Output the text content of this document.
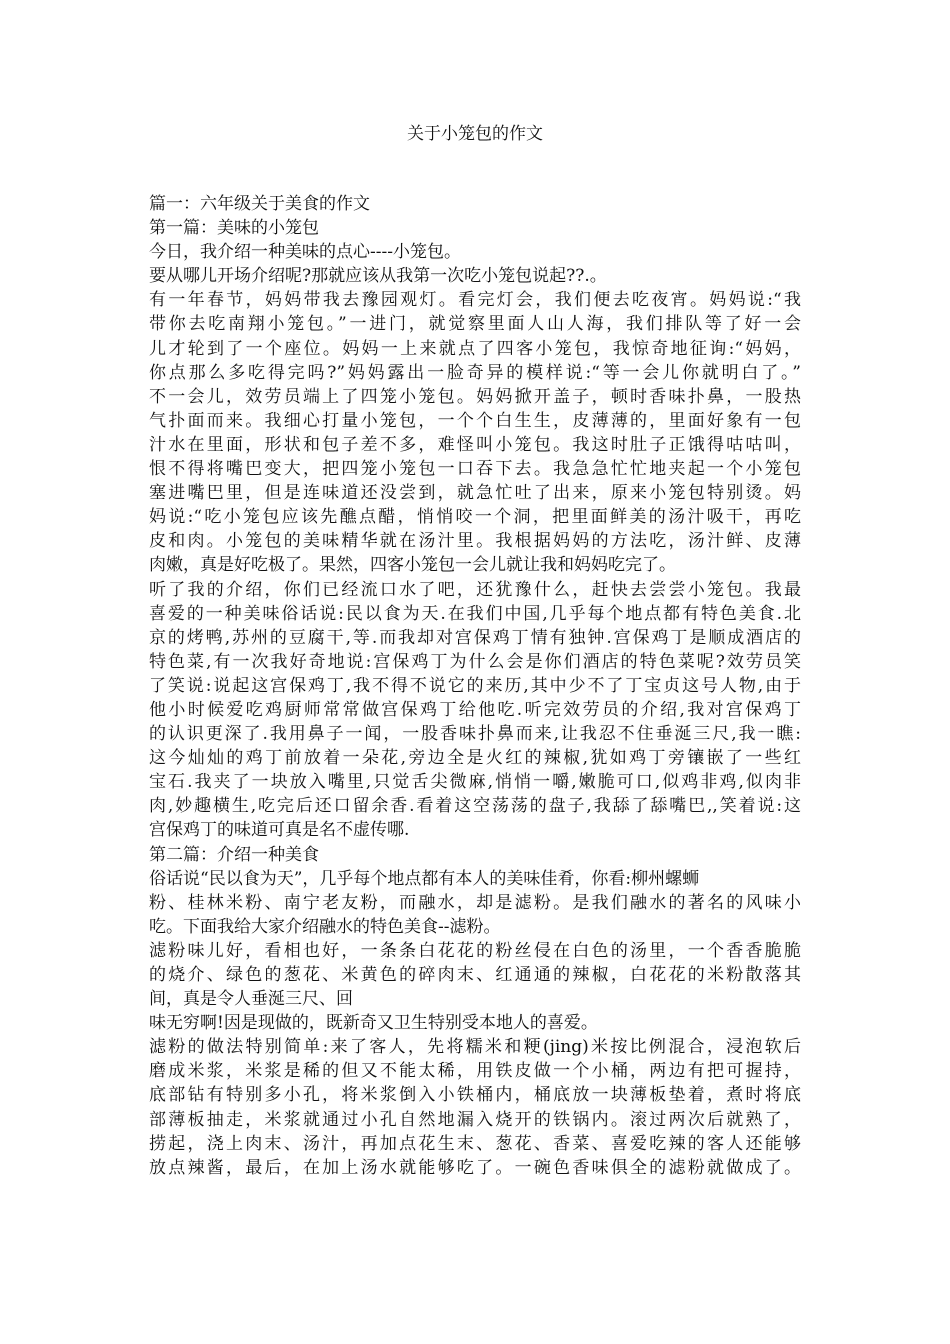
关于小笼包的作文

篇一：六年级关于美食的作文

第一篇：美味的小笼包

今日，我介绍一种美味的点心----小笼包。

要从哪儿开场介绍呢?那就应该从我第一次吃小笼包说起??.。

有一年春节，妈妈带我去豫园观灯。看完灯会，我们便去吃夜宵。妈妈说:“我

带你去吃南翔小笼包。”一进门，就觉察里面人山人海，我们排队等了好一会

儿才轮到了一个座位。妈妈一上来就点了四客小笼包，我惊奇地征询:“妈妈，

你点那么多吃得完吗?”妈妈露出一脸奇异的模样说:“等一会儿你就明白了。”

不一会儿，效劳员端上了四笼小笼包。妈妈掀开盖子，顿时香味扑鼻，一股热

气扑面而来。我细心打量小笼包，一个个白生生，皮薄薄的，里面好象有一包

汁水在里面，形状和包子差不多，难怪叫小笼包。我这时肚子正饿得咕咕叫，

恨不得将嘴巴变大，把四笼小笼包一口吞下去。我急急忙忙地夹起一个小笼包

塞进嘴巴里，但是连味道还没尝到，就急忙吐了出来，原来小笼包特别烫。妈

妈说:“吃小笼包应该先醮点醋，悄悄咬一个洞，把里面鲜美的汤汁吸干，再吃

皮和肉。小笼包的美味精华就在汤汁里。我根据妈妈的方法吃，汤汁鲜、皮薄

肉嫩，真是好吃极了。果然，四客小笼包一会儿就让我和妈妈吃完了。

听了我的介绍，你们已经流口水了吧，还犹豫什么，赶快去尝尝小笼包。我最

喜爱的一种美味俗话说:民以食为天.在我们中国,几乎每个地点都有特色美食.北

京的烤鸭,苏州的豆腐干,等.而我却对宫保鸡丁情有独钟.宫保鸡丁是顺成酒店的

特色菜,有一次我好奇地说:宫保鸡丁为什么会是你们酒店的特色菜呢?效劳员笑

了笑说:说起这宫保鸡丁,我不得不说它的来历,其中少不了丁宝贞这号人物,由于

他小时候爱吃鸡厨师常常做宫保鸡丁给他吃.听完效劳员的介绍,我对宫保鸡丁

的认识更深了.我用鼻子一闻，一股香味扑鼻而来,让我忍不住垂涎三尺,我一瞧:

这今灿灿的鸡丁前放着一朵花,旁边全是火红的辣椒,犹如鸡丁旁镶嵌了一些红

宝石.我夹了一块放入嘴里,只觉舌尖微麻,悄悄一嚼,嫩脆可口,似鸡非鸡,似肉非

肉,妙趣横生,吃完后还口留余香.看着这空荡荡的盘子,我舔了舔嘴巴,,笑着说:这

宫保鸡丁的味道可真是名不虚传哪.

第二篇：介绍一种美食

俗话说“民以食为天”，几乎每个地点都有本人的美味佳肴，你看:柳州螺蛳

粉、桂林米粉、南宁老友粉，而融水，却是滤粉。是我们融水的著名的风味小

吃。下面我给大家介绍融水的特色美食--滤粉。

滤粉味儿好，看相也好，一条条白花花的粉丝侵在白色的汤里，一个香香脆脆

的烧介、绿色的葱花、米黄色的碎肉末、红通通的辣椒，白花花的米粉散落其

间，真是令人垂涎三尺、回

味无穷啊!因是现做的，既新奇又卫生特别受本地人的喜爱。

滤粉的做法特别简单:来了客人，先将糯米和粳(jing)米按比例混合，浸泡软后

磨成米浆，米浆是稀的但又不能太稀，用铁皮做一个小桶，两边有把可握持，

底部钻有特别多小孔，将米浆倒入小铁桶内，桶底放一块薄板垫着，煮时将底

部薄板抽走，米浆就通过小孔自然地漏入烧开的铁锅内。滚过两次后就熟了，

捞起，浇上肉末、汤汁，再加点花生末、葱花、香菜、喜爱吃辣的客人还能够

放点辣酱，最后，在加上汤水就能够吃了。一碗色香味俱全的滤粉就做成了。
